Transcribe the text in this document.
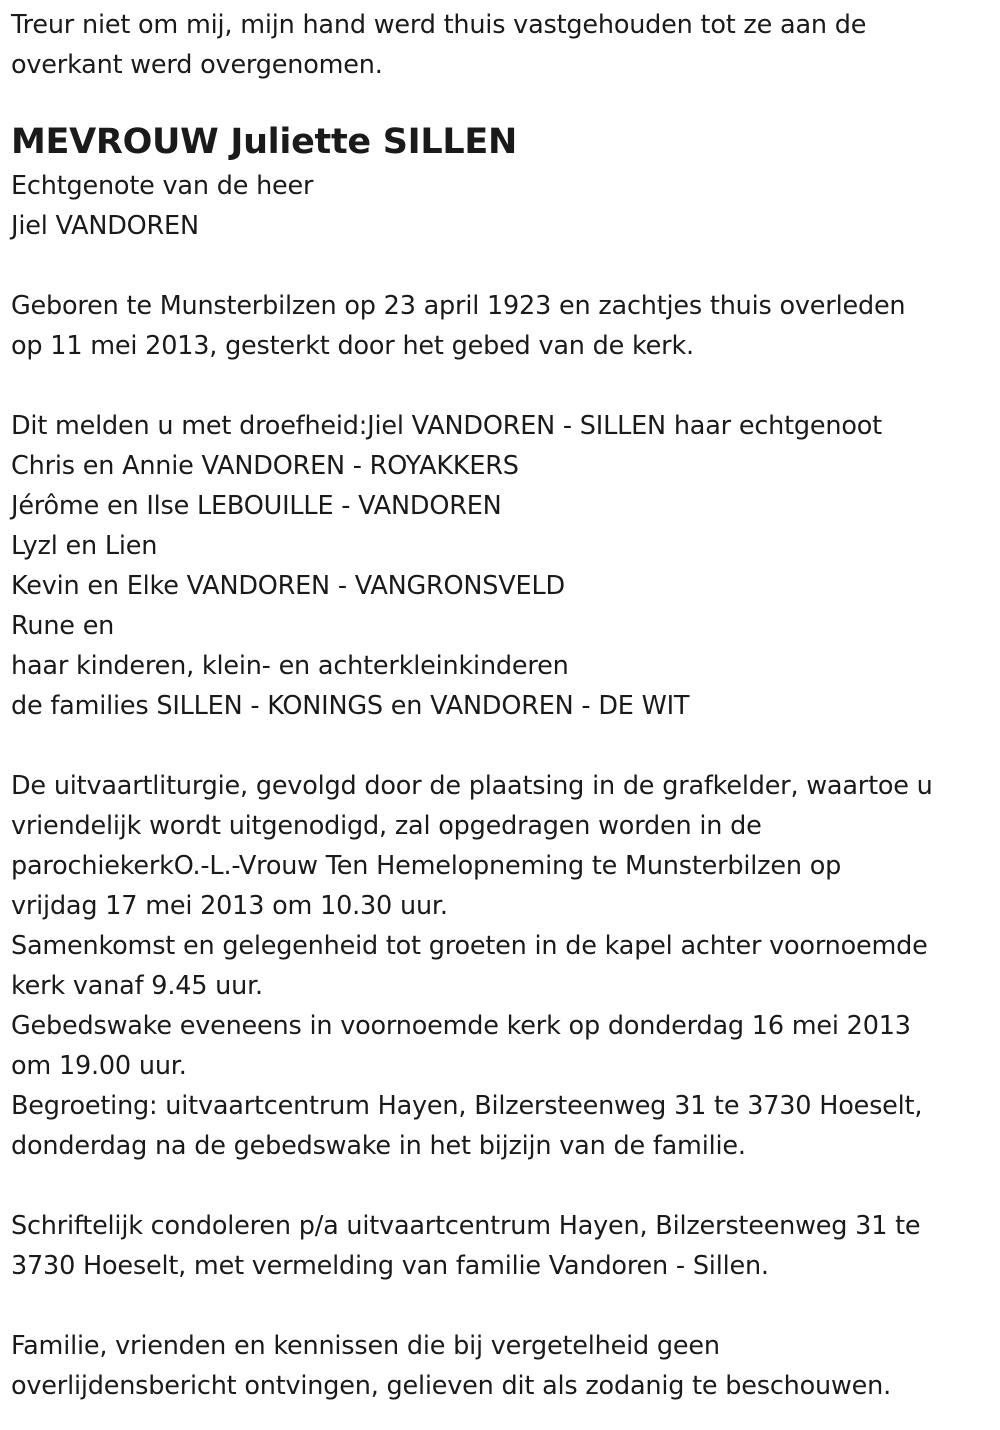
Treur niet om mij, mijn hand werd thuis vastgehouden tot ze aan de
overkant werd overgenomen.
MEVROUW Juliette SILLEN
Echtgenote van de heer
Jiel VANDOREN
Geboren te Munsterbilzen op 23 april 1923 en zachtjes thuis overleden
op 11 mei 2013, gesterkt door het gebed van de kerk.
Dit melden u met droefheid:Jiel VANDOREN - SILLEN haar echtgenoot
Chris en Annie VANDOREN - ROYAKKERS
Jérôme en Ilse LEBOUILLE - VANDOREN
Lyzl en Lien
Kevin en Elke VANDOREN - VANGRONSVELD
Rune en
haar kinderen, klein- en achterkleinkinderen
de families SILLEN - KONINGS en VANDOREN - DE WIT
De uitvaartliturgie, gevolgd door de plaatsing in de grafkelder, waartoe u
vriendelijk wordt uitgenodigd, zal opgedragen worden in de
parochiekerkO.-L.-Vrouw Ten Hemelopneming te Munsterbilzen op
vrijdag 17 mei 2013 om 10.30 uur.
Samenkomst en gelegenheid tot groeten in de kapel achter voornoemde
kerk vanaf 9.45 uur.
Gebedswake eveneens in voornoemde kerk op donderdag 16 mei 2013
om 19.00 uur.
Begroeting: uitvaartcentrum Hayen, Bilzersteenweg 31 te 3730 Hoeselt,
donderdag na de gebedswake in het bijzijn van de familie.
Schriftelijk condoleren p/a uitvaartcentrum Hayen, Bilzersteenweg 31 te
3730 Hoeselt, met vermelding van familie Vandoren - Sillen.
Familie, vrienden en kennissen die bij vergetelheid geen
overlijdensbericht ontvingen, gelieven dit als zodanig te beschouwen.
